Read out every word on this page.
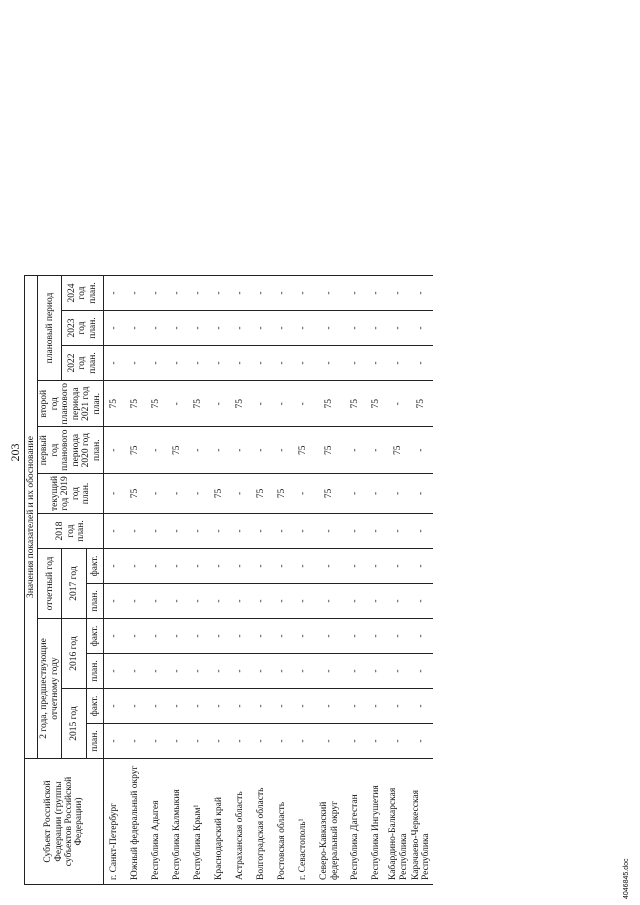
203
Субъект Российской Федерации (группы субъектов Российской Федерации)	Значения показателей и их обоснование												
	2 года, предшествующие отчетному году				отчетный год		2018 год план.	текущий год 2019 год план.	первый год планового периода 2020 год план.	второй год планового периода 2021 год план.	плановый период		
	2015 год		2016 год		2017 год						2022 год план.	2023 год план.	2024 год план.
	план.	факт.	план.	факт.	план.	факт.							
г. Санкт-Петербург	-	-	-	-	-	-	-	-	-	75	-	-	-
Южный федеральный округ	-	-	-	-	-	-	-	75	75	75	-	-	-
Республика Адыгея	-	-	-	-	-	-	-	-	-	75	-	-	-
Республика Калмыкия	-	-	-	-	-	-	-	-	75	-	-	-	-
Республика Крым¹	-	-	-	-	-	-	-	-	-	75	-	-	-
Краснодарский край	-	-	-	-	-	-	-	75	-	-	-	-	-
Астраханская область	-	-	-	-	-	-	-	-	-	75	-	-	-
Волгоградская область	-	-	-	-	-	-	-	75	-	-	-	-	-
Ростовская область	-	-	-	-	-	-	-	75	-	-	-	-	-
г. Севастополь¹	-	-	-	-	-	-	-	-	75	-	-	-	-
Северо-Кавказский федеральный округ	-	-	-	-	-	-	-	75	75	75	-	-	-
Республика Дагестан	-	-	-	-	-	-	-	-	-	75	-	-	-
Республика Ингушетия	-	-	-	-	-	-	-	-	-	75	-	-	-
Кабардино-Балкарская Республика	-	-	-	-	-	-	-	-	75	-	-	-	-
Карачаево-Черкесская Республика	-	-	-	-	-	-	-	-	-	75	-	-	-
4046845.doc
